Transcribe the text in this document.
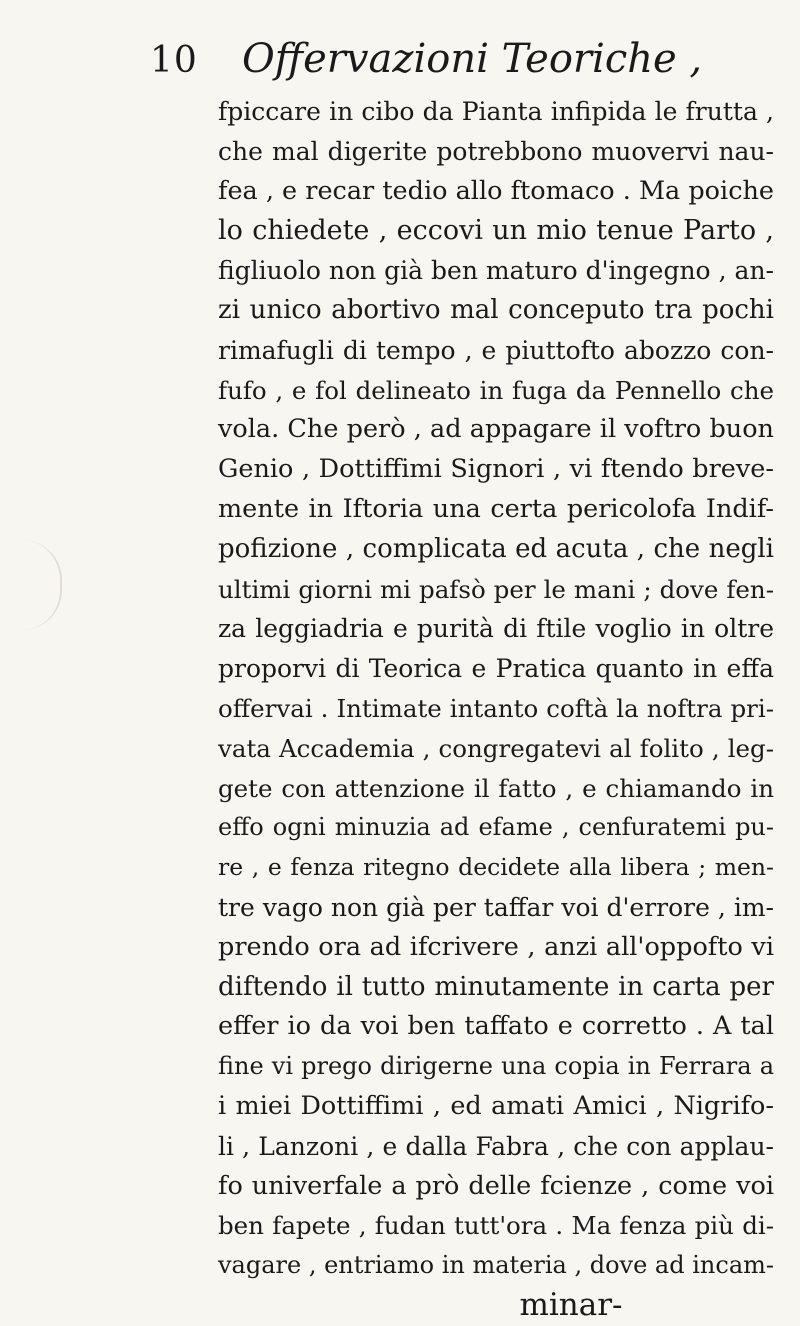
10 Offervazioni Teoriche ,
fpiccare in cibo da Pianta infipida le frutta ,
che mal digerite potrebbono muovervi nau-
fea , e recar tedio allo ftomaco . Ma poiche
lo chiedete , eccovi un mio tenue Parto ,
figliuolo non già ben maturo d'ingegno , an-
zi unico abortivo mal conceputo tra pochi
rimafugli di tempo , e piuttofto abozzo con-
fufo , e fol delineato in fuga da Pennello che
vola. Che però , ad appagare il voftro buon
Genio , Dottiffimi Signori , vi ftendo breve-
mente in Iftoria una certa pericolofa Indif-
pofizione , complicata ed acuta , che negli
ultimi giorni mi pafsò per le mani ; dove fen-
za leggiadria e purità di ftile voglio in oltre
proporvi di Teorica e Pratica quanto in effa
offervai . Intimate intanto coftà la noftra pri-
vata Accademia , congregatevi al folito , leg-
gete con attenzione il fatto , e chiamando in
effo ogni minuzia ad efame , cenfuratemi pu-
re , e fenza ritegno decidete alla libera ; men-
tre vago non già per taffar voi d'errore , im-
prendo ora ad ifcrivere , anzi all'oppofto vi
diftendo il tutto minutamente in carta per
effer io da voi ben taffato e corretto . A tal
fine vi prego dirigerne una copia in Ferrara a
i miei Dottiffimi , ed amati Amici , Nigrifo-
li , Lanzoni , e dalla Fabra , che con applau-
fo univerfale a prò delle fcienze , come voi
ben fapete , fudan tutt'ora . Ma fenza più di-
vagare , entriamo in materia , dove ad incam-
minar-
